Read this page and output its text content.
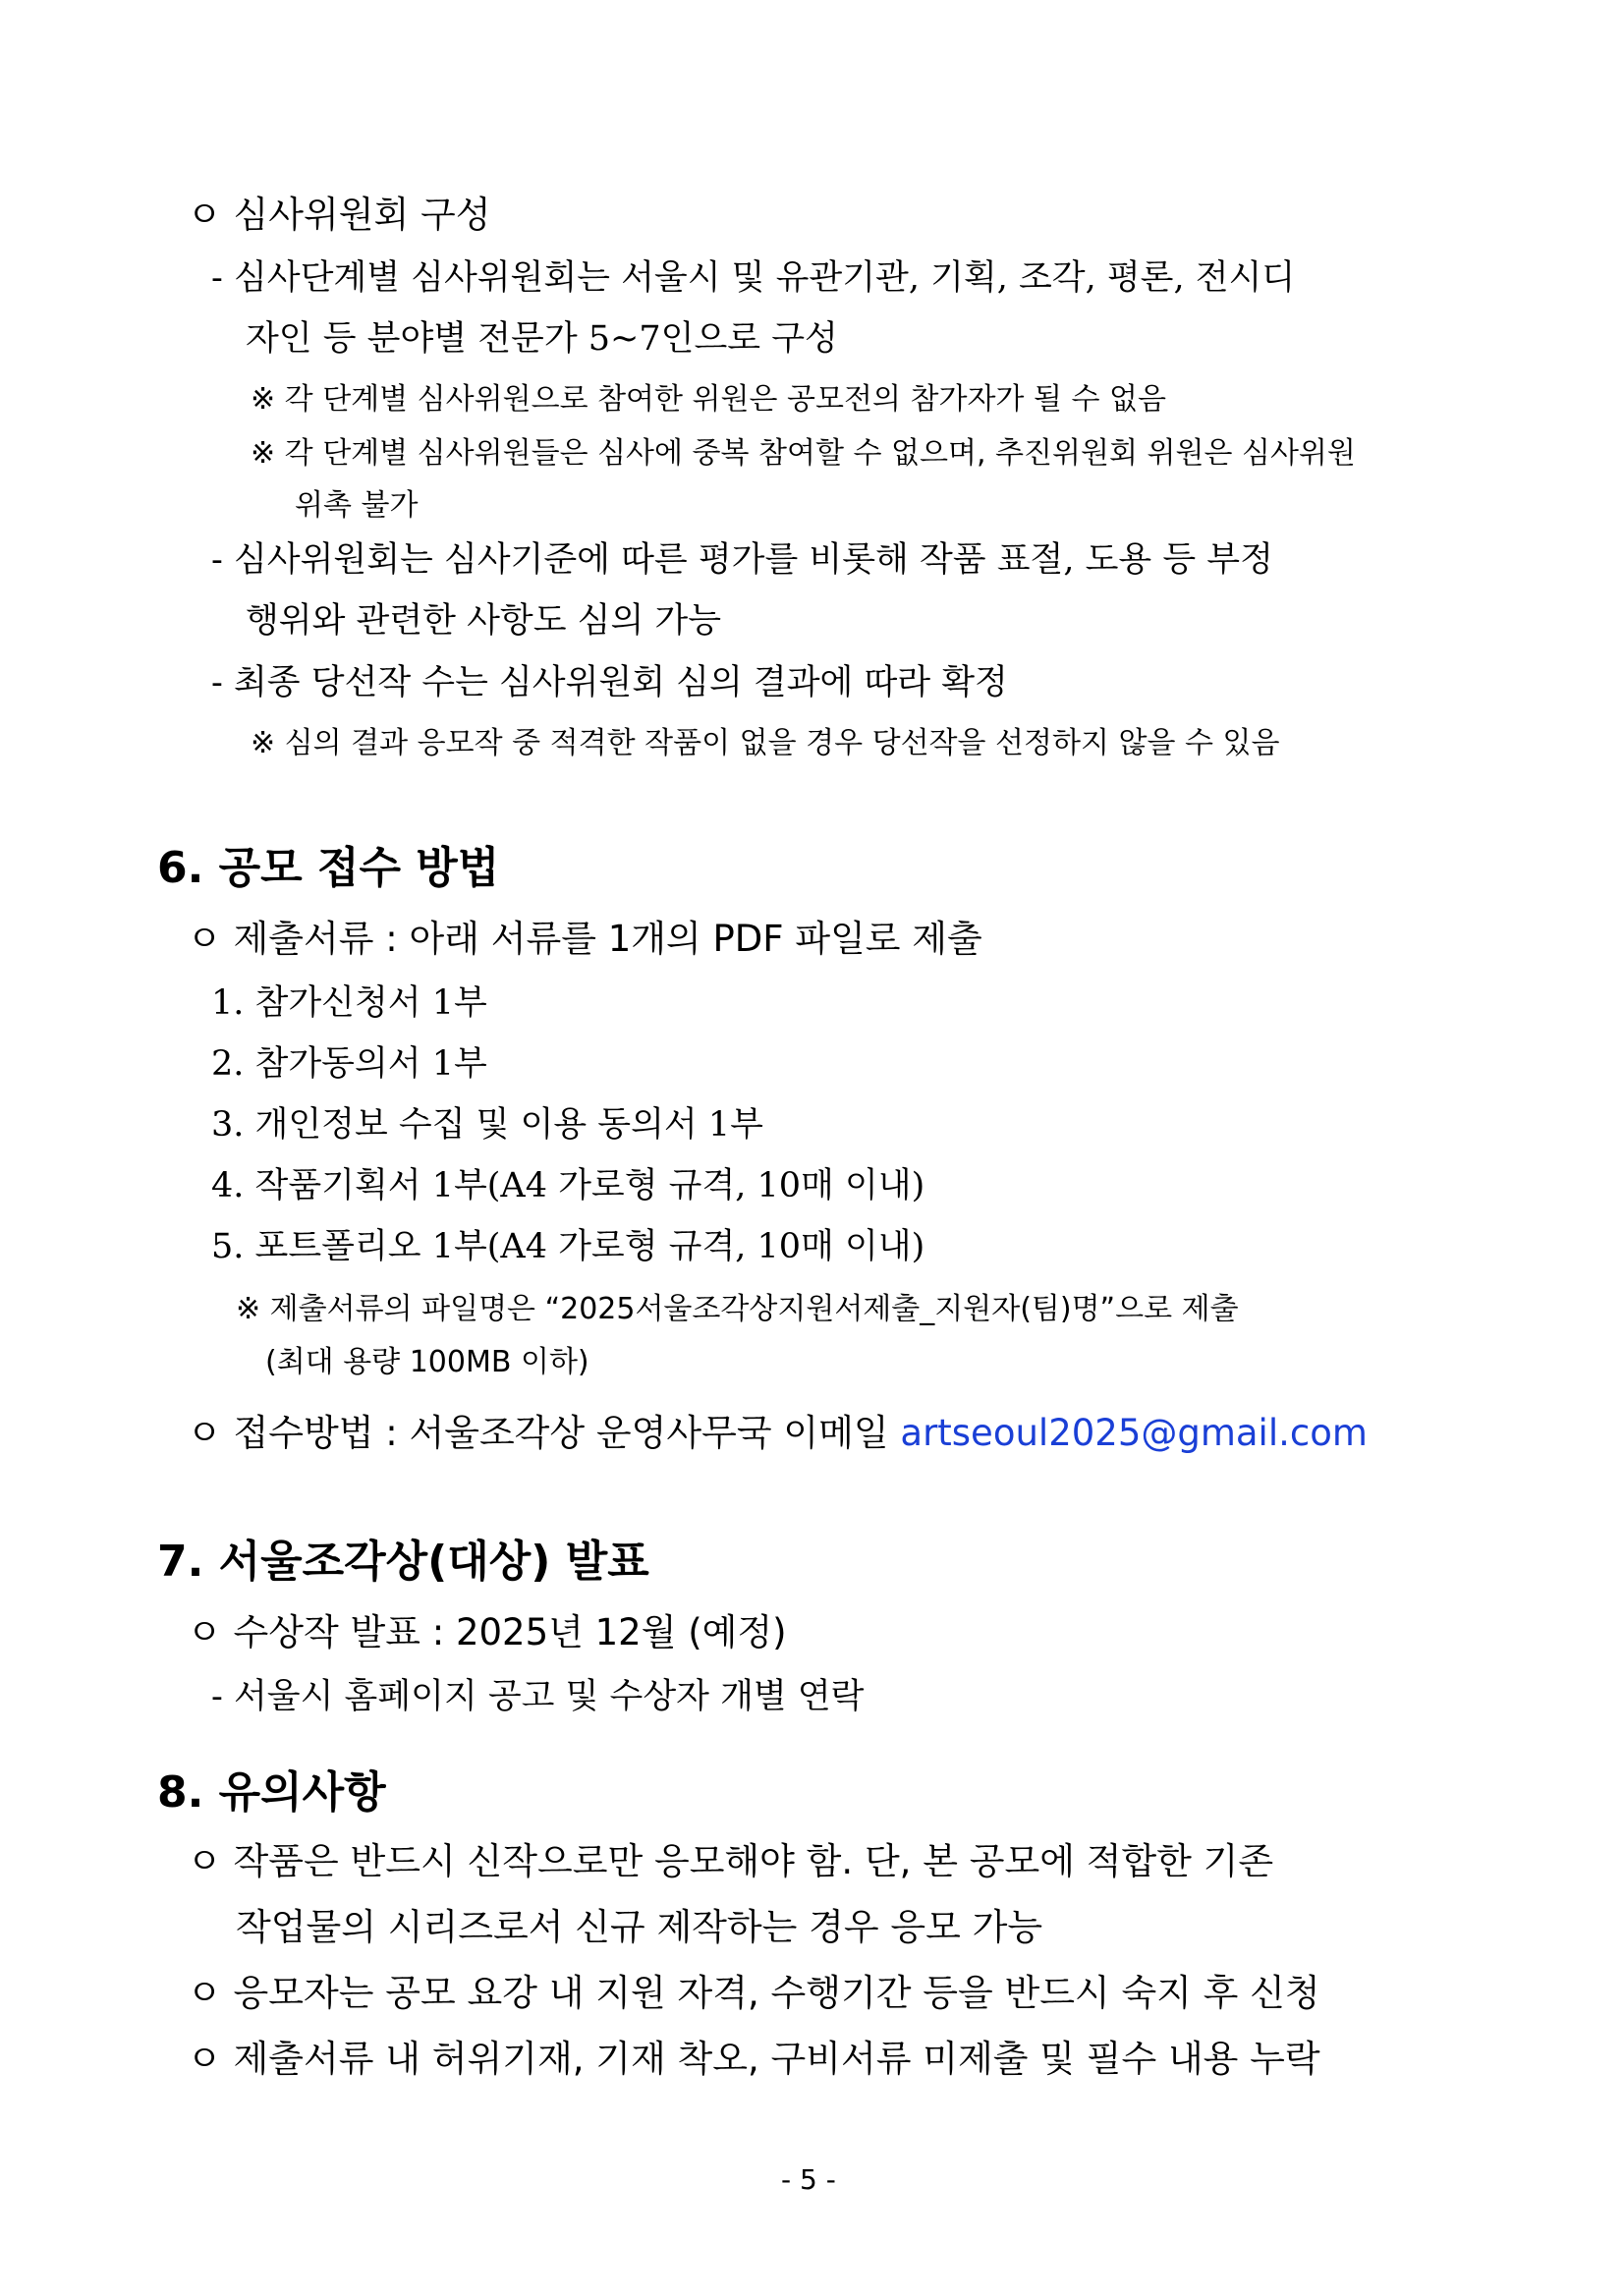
ㅇ 심사위원회 구성
- 심사단계별 심사위원회는 서울시 및 유관기관, 기획, 조각, 평론, 전시디
자인 등 분야별 전문가 5~7인으로 구성
※ 각 단계별 심사위원으로 참여한 위원은 공모전의 참가자가 될 수 없음
※ 각 단계별 심사위원들은 심사에 중복 참여할 수 없으며, 추진위원회 위원은 심사위원
위촉 불가
- 심사위원회는 심사기준에 따른 평가를 비롯해 작품 표절, 도용 등 부정
행위와 관련한 사항도 심의 가능
- 최종 당선작 수는 심사위원회 심의 결과에 따라 확정
※ 심의 결과 응모작 중 적격한 작품이 없을 경우 당선작을 선정하지 않을 수 있음
6. 공모 접수 방법
ㅇ 제출서류 : 아래 서류를 1개의 PDF 파일로 제출
1. 참가신청서 1부
2. 참가동의서 1부
3. 개인정보 수집 및 이용 동의서 1부
4. 작품기획서 1부(A4 가로형 규격, 10매 이내)
5. 포트폴리오 1부(A4 가로형 규격, 10매 이내)
※ 제출서류의 파일명은 “2025서울조각상지원서제출_지원자(팀)명”으로 제출
(최대 용량 100MB 이하)
ㅇ 접수방법 : 서울조각상 운영사무국 이메일 artseoul2025@gmail.com
7. 서울조각상(대상) 발표
ㅇ 수상작 발표 : 2025년 12월 (예정)
- 서울시 홈페이지 공고 및 수상자 개별 연락
8. 유의사항
ㅇ 작품은 반드시 신작으로만 응모해야 함. 단, 본 공모에 적합한 기존
작업물의 시리즈로서 신규 제작하는 경우 응모 가능
ㅇ 응모자는 공모 요강 내 지원 자격, 수행기간 등을 반드시 숙지 후 신청
ㅇ 제출서류 내 허위기재, 기재 착오, 구비서류 미제출 및 필수 내용 누락
- 5 -
